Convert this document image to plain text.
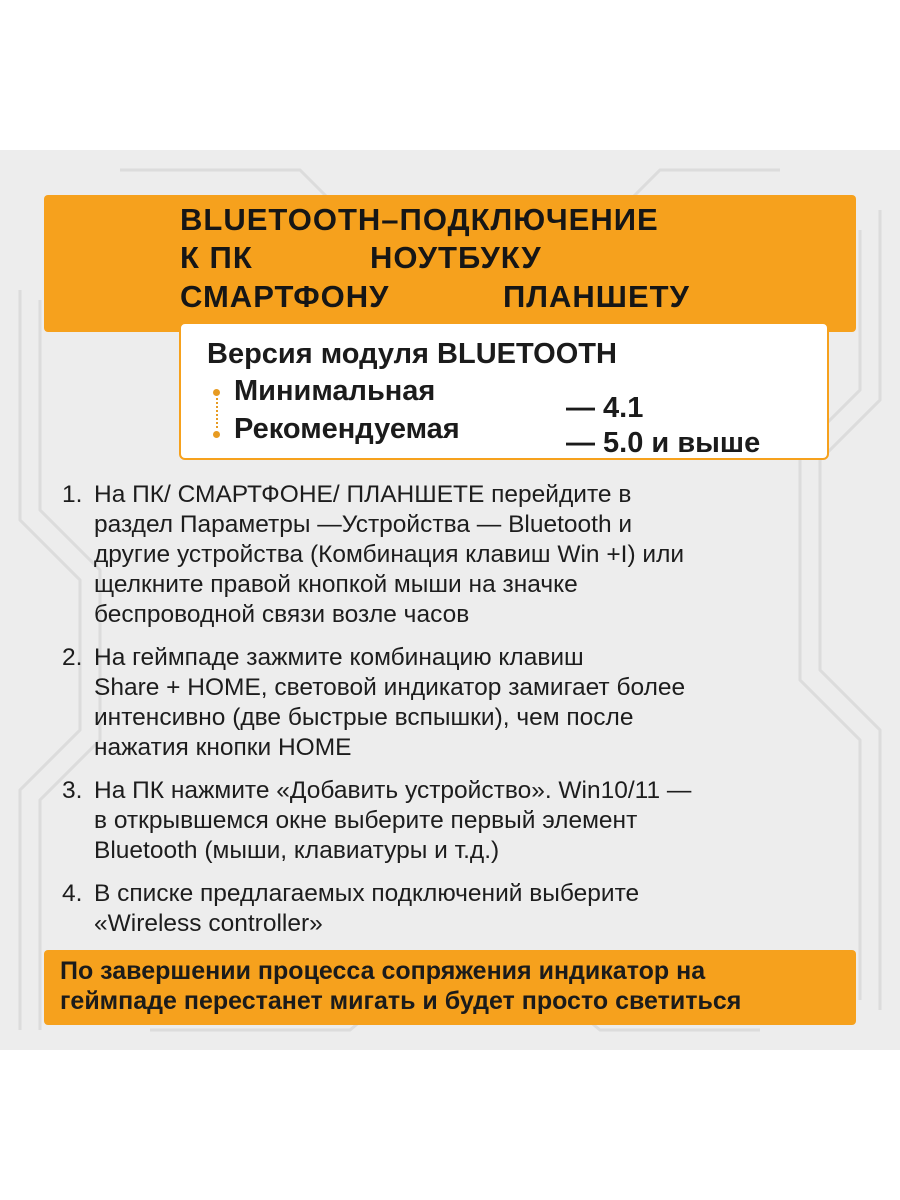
BLUETOOTH–ПОДКЛЮЧЕНИЕ
К ПК	НОУТБУКУ
СМАРТФОНУ	ПЛАНШЕТУ
Версия модуля BLUETOOTH
Минимальная
Рекомендуемая
— 4.1
— 5.0 и выше
1. На ПК/ СМАРТФОНЕ/ ПЛАНШЕТЕ перейдите в
раздел Параметры —Устройства — Bluetooth и
другие устройства (Комбинация клавиш Win +I) или
щелкните правой кнопкой мыши на значке
беспроводной связи возле часов
2. На геймпаде зажмите комбинацию клавиш
Share + HOME, световой индикатор замигает более
интенсивно (две быстрые вспышки), чем после
нажатия кнопки HOME
3. На ПК нажмите «Добавить устройство». Win10/11 —
в открывшемся окне выберите первый элемент
Bluetooth (мыши, клавиатуры и т.д.)
4. В списке предлагаемых подключений выберите
«Wireless controller»
По завершении процесса сопряжения индикатор на
геймпаде перестанет мигать и будет просто светиться
